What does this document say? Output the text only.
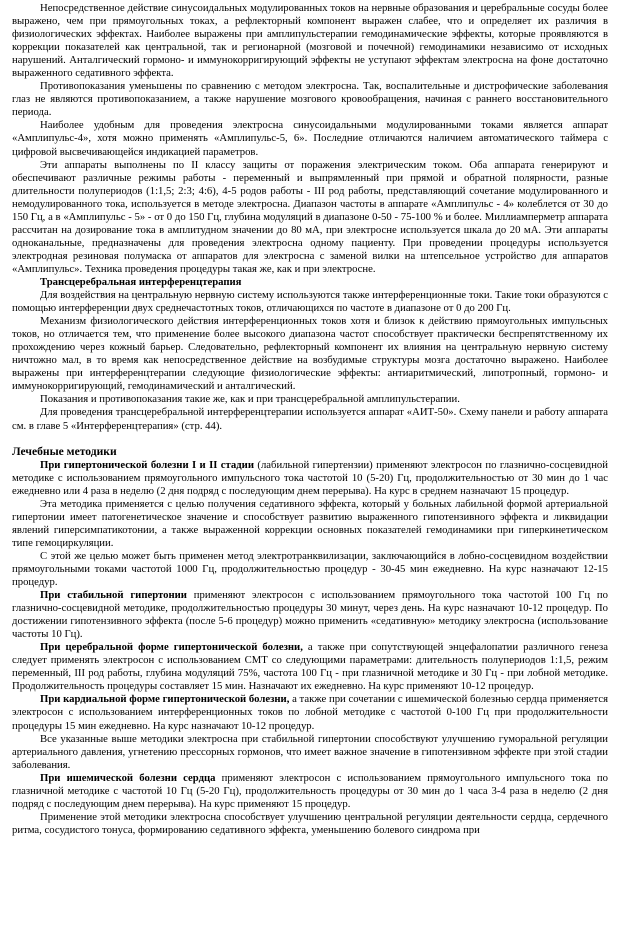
Непосредственное действие синусоидальных модулированных токов на нервные образования и церебральные сосуды более выражено, чем при прямоугольных токах, а рефлекторный компонент выражен слабее, что и определяет их различия в физиологических эффектах. Наиболее выражены при амплипульстерапии гемодинамические эффекты, которые проявляются в коррекции показателей как центральной, так и регионарной (мозговой и почечной) гемодинамики независимо от исходных нарушений. Анталгический гормоно- и иммунокорригирующий эффекты не уступают эффектам электросна на фоне достаточно выраженного седативного эффекта.

Противопоказания уменьшены по сравнению с методом электросна. Так, воспалительные и дистрофические заболевания глаз не являются противопоказанием, а также нарушение мозгового кровообращения, начиная с раннего восстановительного периода.

Наиболее удобным для проведения электросна синусоидальными модулированными токами является аппарат «Амплипульс-4», хотя можно применять «Амплипульс-5, 6». Последние отличаются наличием автоматического таймера с цифровой высвечивающейся индикацией параметров.

Эти аппараты выполнены по II классу защиты от поражения электрическим током. Оба аппарата генерируют и обеспечивают различные режимы работы - переменный и выпрямленный при прямой и обратной полярности, разные длительности полупериодов (1:1,5; 2:3; 4:6), 4-5 родов работы - III род работы, представляющий сочетание модулированного и немодулированного тока, используется в методе электросна. Диапазон частоты в аппарате «Амплипульс - 4» колеблется от 30 до 150 Гц, а в «Амплипульс - 5» - от 0 до 150 Гц, глубина модуляций в диапазоне 0-50 - 75-100 % и более. Миллиамперметр аппарата рассчитан на дозирование тока в амплитудном значении до 80 мА, при электросне используется шкала до 20 мА. Эти аппараты одноканальные, предназначены для проведения электросна одному пациенту. При проведении процедуры используется электродная резиновая полумаска от аппаратов для электросна с заменой вилки на штепсельное устройство для аппаратов «Амплипульс». Техника проведения процедуры такая же, как и при электросне.

Трансцеребральная интерференцтерапия

Для воздействия на центральную нервную систему используются также интерференционные токи. Такие токи образуются с помощью интерференции двух среднечастотных токов, отличающихся по частоте в диапазоне от 0 до 200 Гц.

Механизм физиологического действия интерференционных токов хотя и близок к действию прямоугольных импульсных токов, но отличается тем, что применение более высокого диапазона частот способствует практически беспрепятственному их прохождению через кожный барьер. Следовательно, рефлекторный компонент их влияния на центральную нервную систему ничтожно мал, в то время как непосредственное действие на возбудимые структуры мозга достаточно выражено. Наиболее выражены при интерференцтерапии следующие физиологические эффекты: антиаритмический, липотропный, гормоно- и иммунокорригирующий, гемодинамический и анталгический.

Показания и противопоказания такие же, как и при трансцеребральной амплипульстерапии.

Для проведения трансцеребральной интерференцтерапии используется аппарат «АИТ-50». Схему панели и работу аппарата см. в главе 5 «Интерференцтерапия» (стр. 44).

Лечебные методики

При гипертонической болезни I и II стадии (лабильной гипертензии) применяют электросон по глазнично-сосцевидной методике с использованием прямоугольного импульсного тока частотой 10 (5-20) Гц, продолжительностью от 30 мин до 1 час ежедневно или 4 раза в неделю (2 дня подряд с последующим днем перерыва). На курс в среднем назначают 15 процедур.

Эта методика применяется с целью получения седативного эффекта, который у больных лабильной формой артериальной гипертонии имеет патогенетическое значение и способствует развитию выраженного гипотензивного эффекта и ликвидации явлений гиперсимпатикотонии, а также выраженной коррекции основных показателей гемодинамики при гиперкинетическом типе гемоциркуляции.

С этой же целью может быть применен метод электротранквилизации, заключающийся в лобно-сосцевидном воздействии прямоугольными токами частотой 1000 Гц, продолжительностью процедур - 30-45 мин ежедневно. На курс назначают 12-15 процедур.

При стабильной гипертонии применяют электросон с использованием прямоугольного тока частотой 100 Гц по глазнично-сосцевидной методике, продолжительностью процедуры 30 минут, через день. На курс назначают 10-12 процедур. По достижении гипотензивного эффекта (после 5-6 процедур) можно применить «седативную» методику электросна (использование частоты 10 Гц).

При церебральной форме гипертонической болезни, а также при сопутствующей энцефалопатии различного генеза следует применять электросон с использованием СМТ со следующими параметрами: длительность полупериодов 1:1,5, режим переменный, III род работы, глубина модуляций 75%, частота 100 Гц - при глазничной методике и 30 Гц - при лобной методике. Продолжительность процедуры составляет 15 мин. Назначают их ежедневно. На курс применяют 10-12 процедур.

При кардиальной форме гипертонической болезни, а также при сочетании с ишемической болезнью сердца применяется электросон с использованием интерференционных токов по лобной методике с частотой 0-100 Гц при продолжительности процедуры 15 мин ежедневно. На курс назначают 10-12 процедур.

Все указанные выше методики электросна при стабильной гипертонии способствуют улучшению гуморальной регуляции артериального давления, угнетению прессорных гормонов, что имеет важное значение в гипотензивном эффекте при этой стадии заболевания.

При ишемической болезни сердца применяют электросон с использованием прямоугольного импульсного тока по глазничной методике с частотой 10 Гц (5-20 Гц), продолжительность процедуры от 30 мин до 1 часа 3-4 раза в неделю (2 дня подряд с последующим днем перерыва). На курс применяют 15 процедур.

Применение этой методики электросна способствует улучшению центральной регуляции деятельности сердца, сердечного ритма, сосудистого тонуса, формированию седативного эффекта, уменьшению болевого синдрома при
